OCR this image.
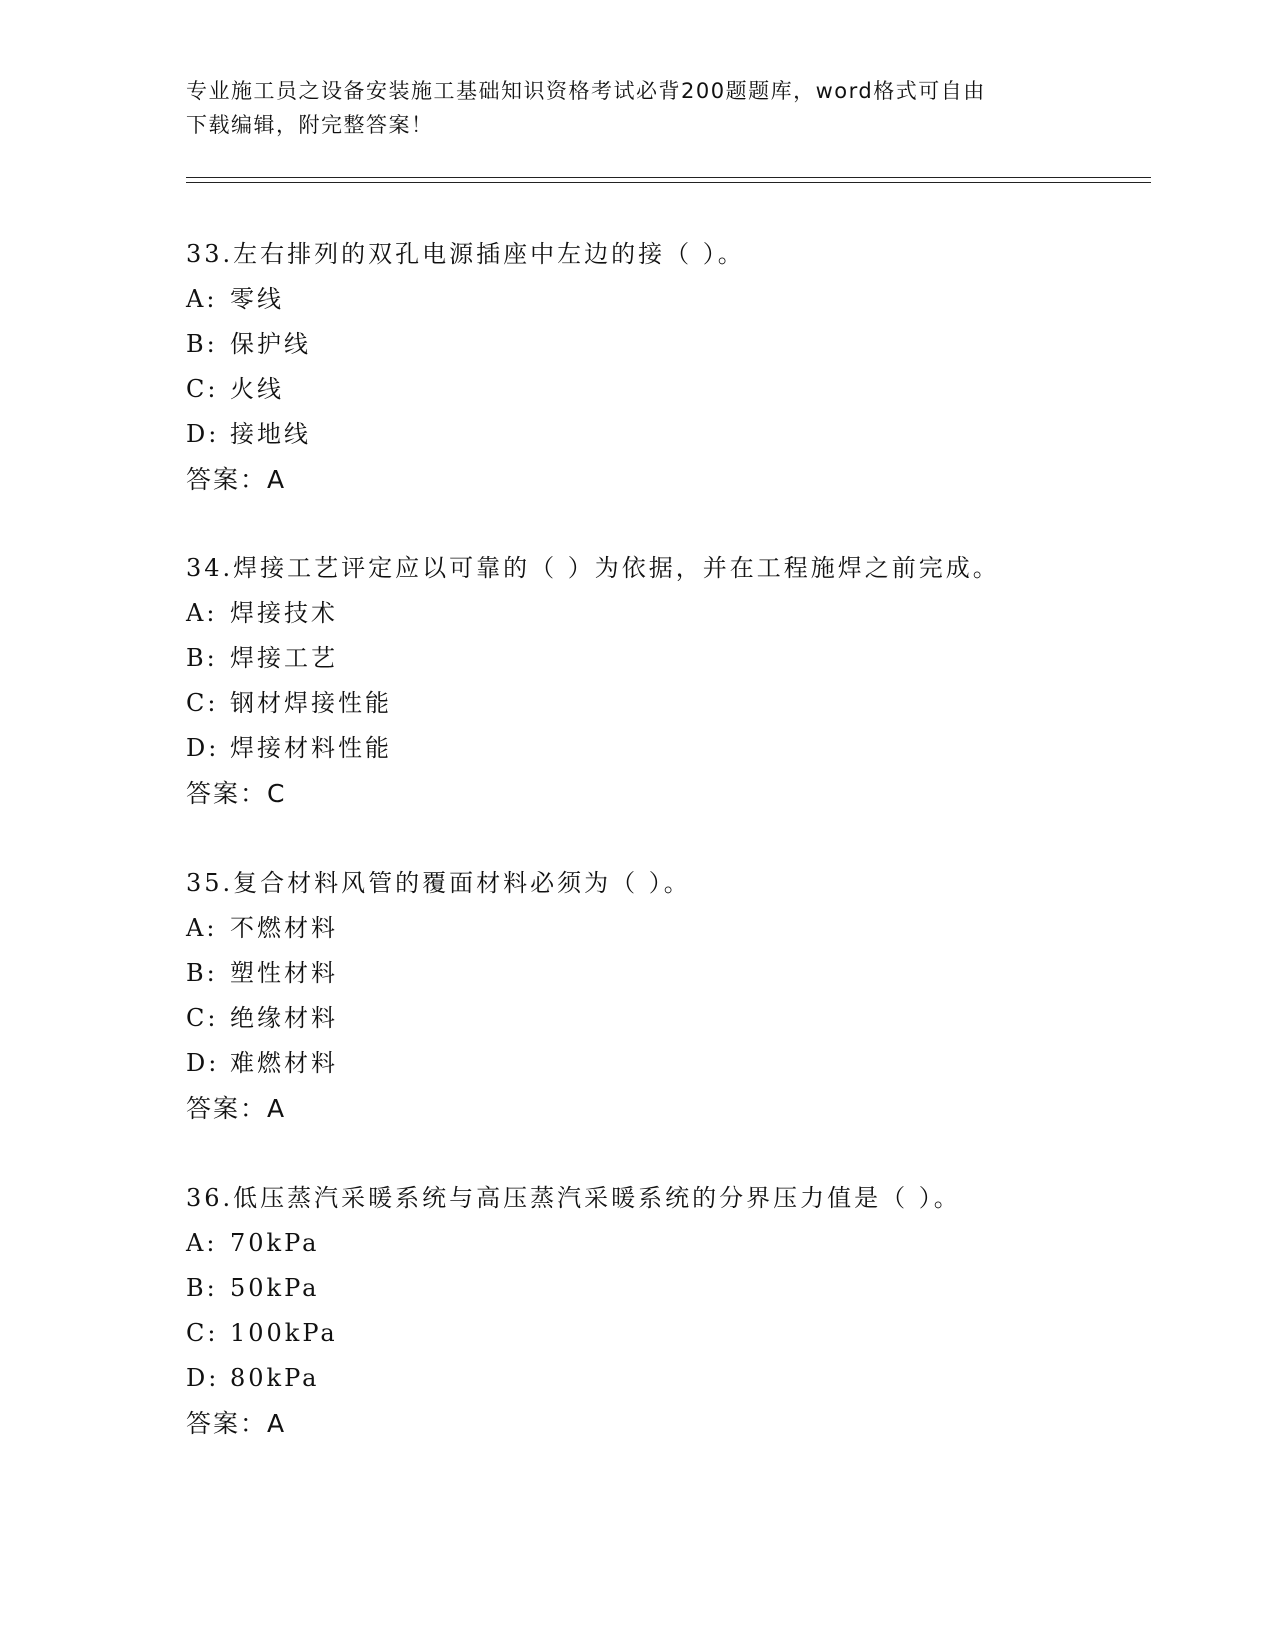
专业施工员之设备安装施工基础知识资格考试必背200题题库，word格式可自由
下载编辑，附完整答案！
33.左右排列的双孔电源插座中左边的接（ ）。
A: 零线
B: 保护线
C: 火线
D: 接地线
答案：A
34.焊接工艺评定应以可靠的（ ）为依据，并在工程施焊之前完成。
A: 焊接技术
B: 焊接工艺
C: 钢材焊接性能
D: 焊接材料性能
答案：C
35.复合材料风管的覆面材料必须为（ ）。
A: 不燃材料
B: 塑性材料
C: 绝缘材料
D: 难燃材料
答案：A
36.低压蒸汽采暖系统与高压蒸汽采暖系统的分界压力值是（ ）。
A: 70kPa
B: 50kPa
C: 100kPa
D: 80kPa
答案：A
